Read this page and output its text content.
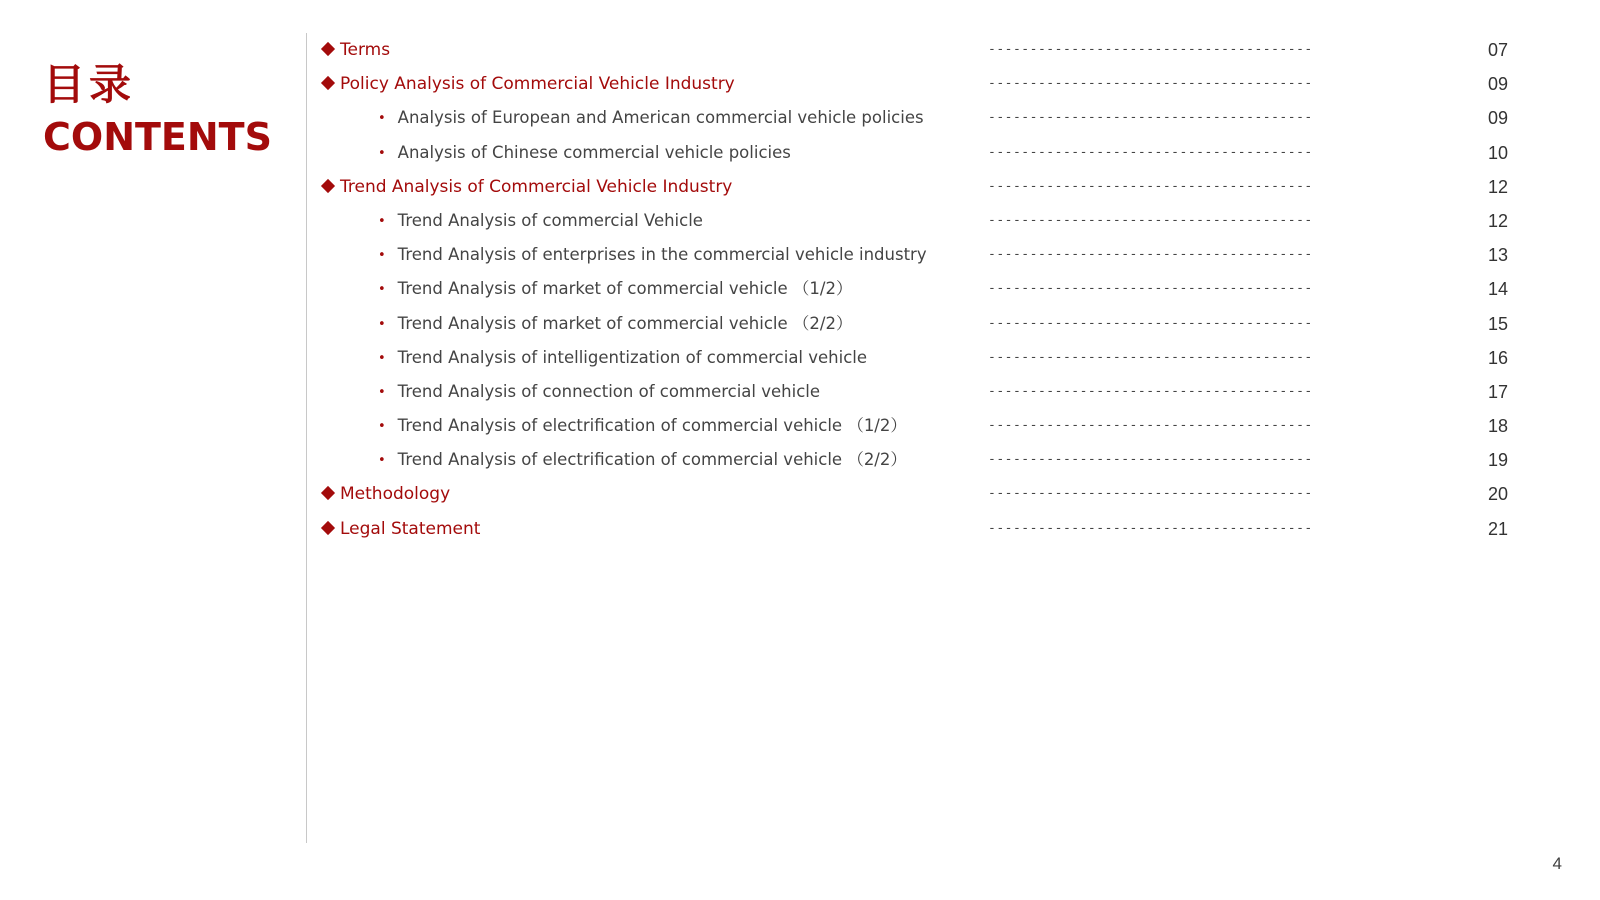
目录
CONTENTS
Terms	---------------------------------------	07
Policy Analysis of Commercial Vehicle Industry	---------------------------------------	09
• Analysis of European and American commercial vehicle policies	---------------------------------------	09
• Analysis of Chinese commercial vehicle policies	---------------------------------------	10
Trend Analysis of Commercial Vehicle Industry	---------------------------------------	12
• Trend Analysis of commercial Vehicle	---------------------------------------	12
• Trend Analysis of enterprises in the commercial vehicle industry	---------------------------------------	13
• Trend Analysis of market of commercial vehicle （1/2）	---------------------------------------	14
• Trend Analysis of market of commercial vehicle （2/2）	---------------------------------------	15
• Trend Analysis of intelligentization of commercial vehicle	---------------------------------------	16
• Trend Analysis of connection of commercial vehicle	---------------------------------------	17
• Trend Analysis of electrification of commercial vehicle （1/2）	---------------------------------------	18
• Trend Analysis of electrification of commercial vehicle （2/2）	---------------------------------------	19
Methodology	---------------------------------------	20
Legal Statement	---------------------------------------	21
4
